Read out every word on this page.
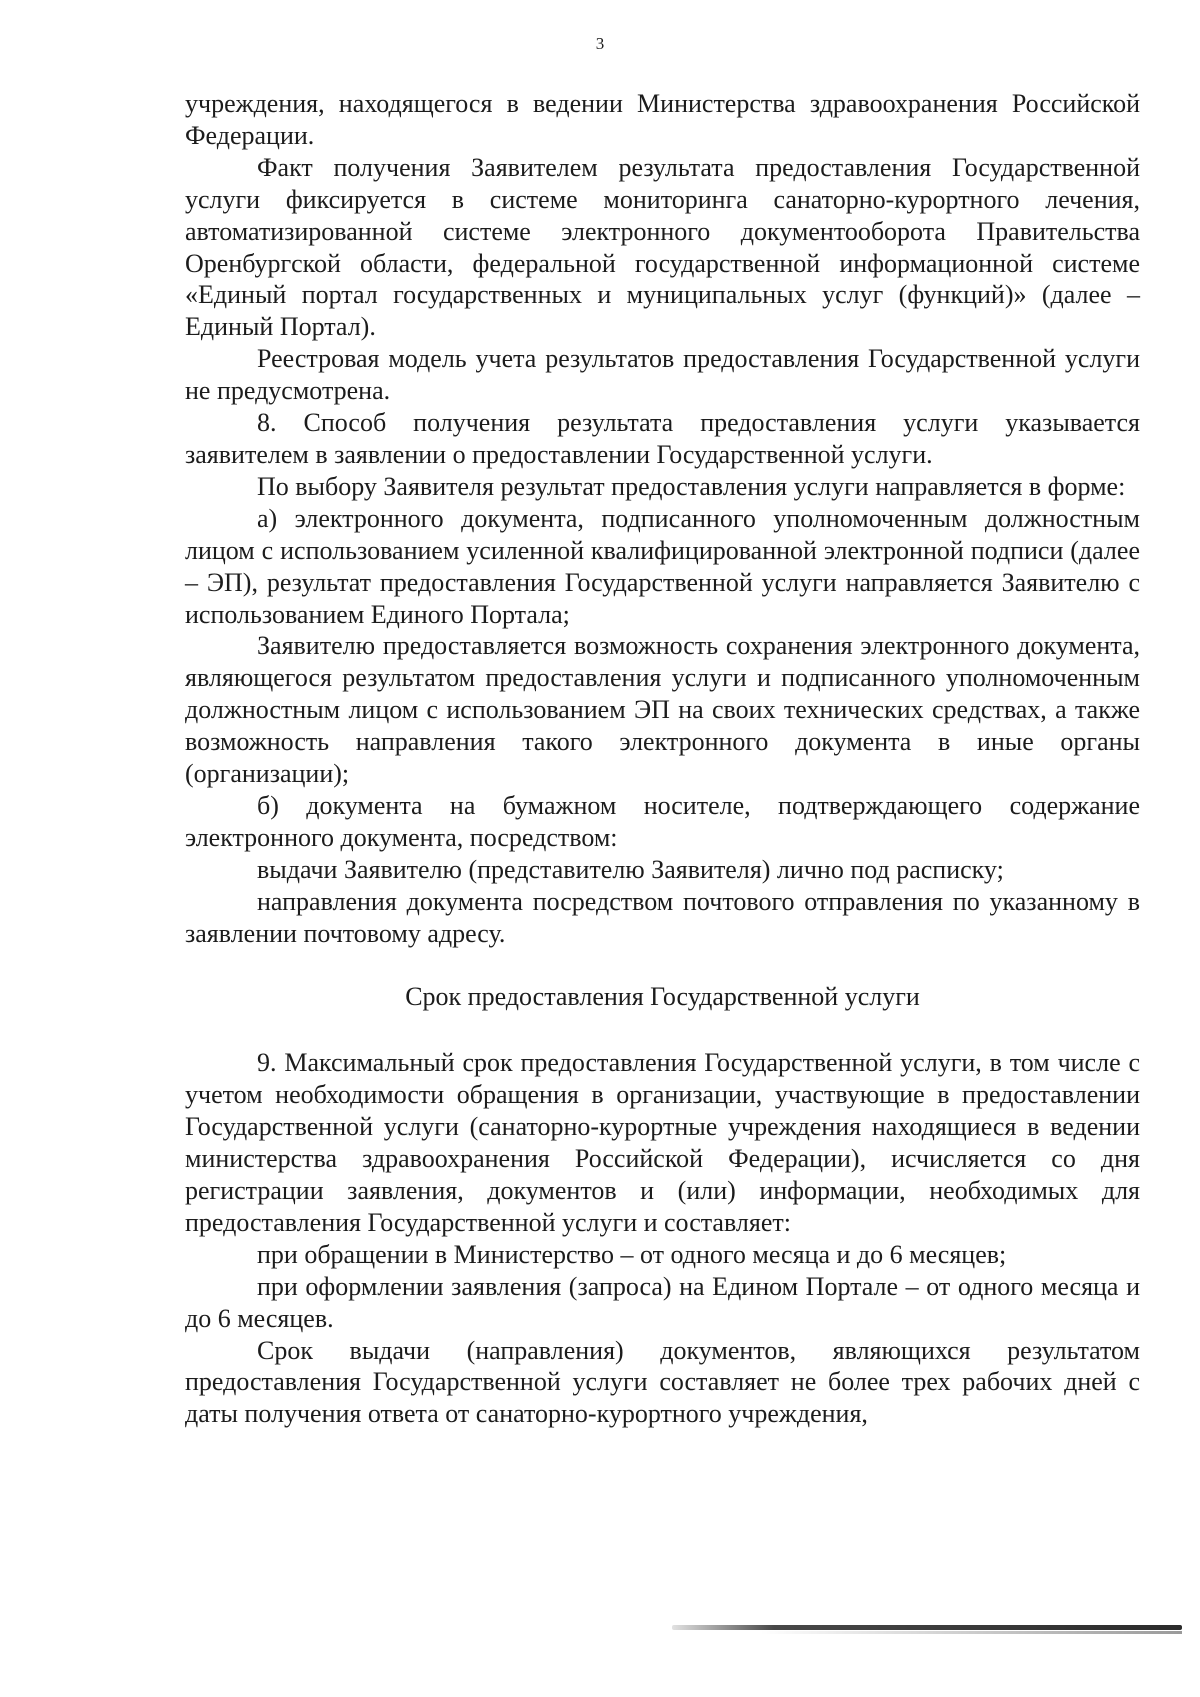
3

учреждения, находящегося в ведении Министерства здравоохранения Российской Федерации.

Факт получения Заявителем результата предоставления Государственной услуги фиксируется в системе мониторинга санаторно-курортного лечения, автоматизированной системе электронного документооборота Правительства Оренбургской области, федеральной государственной информационной системе «Единый портал государственных и муниципальных услуг (функций)» (далее – Единый Портал).

Реестровая модель учета результатов предоставления Государственной услуги не предусмотрена.

8. Способ получения результата предоставления услуги указывается заявителем в заявлении о предоставлении Государственной услуги.

По выбору Заявителя результат предоставления услуги направляется в форме:

а) электронного документа, подписанного уполномоченным должностным лицом с использованием усиленной квалифицированной электронной подписи (далее – ЭП), результат предоставления Государственной услуги направляется Заявителю с использованием Единого Портала;

Заявителю предоставляется возможность сохранения электронного документа, являющегося результатом предоставления услуги и подписанного уполномоченным должностным лицом с использованием ЭП на своих технических средствах, а также возможность направления такого электронного документа в иные органы (организации);

б) документа на бумажном носителе, подтверждающего содержание электронного документа, посредством:

выдачи Заявителю (представителю Заявителя) лично под расписку;

направления документа посредством почтового отправления по указанному в заявлении почтовому адресу.

Срок предоставления Государственной услуги

9. Максимальный срок предоставления Государственной услуги, в том числе с учетом необходимости обращения в организации, участвующие в предоставлении Государственной услуги (санаторно-курортные учреждения находящиеся в ведении министерства здравоохранения Российской Федерации), исчисляется со дня регистрации заявления, документов и (или) информации, необходимых для предоставления Государственной услуги и составляет:

при обращении в Министерство – от одного месяца и до 6 месяцев;

при оформлении заявления (запроса) на Едином Портале – от одного месяца и до 6 месяцев.

Срок выдачи (направления) документов, являющихся результатом предоставления Государственной услуги составляет не более трех рабочих дней с даты получения ответа от санаторно-курортного учреждения,
